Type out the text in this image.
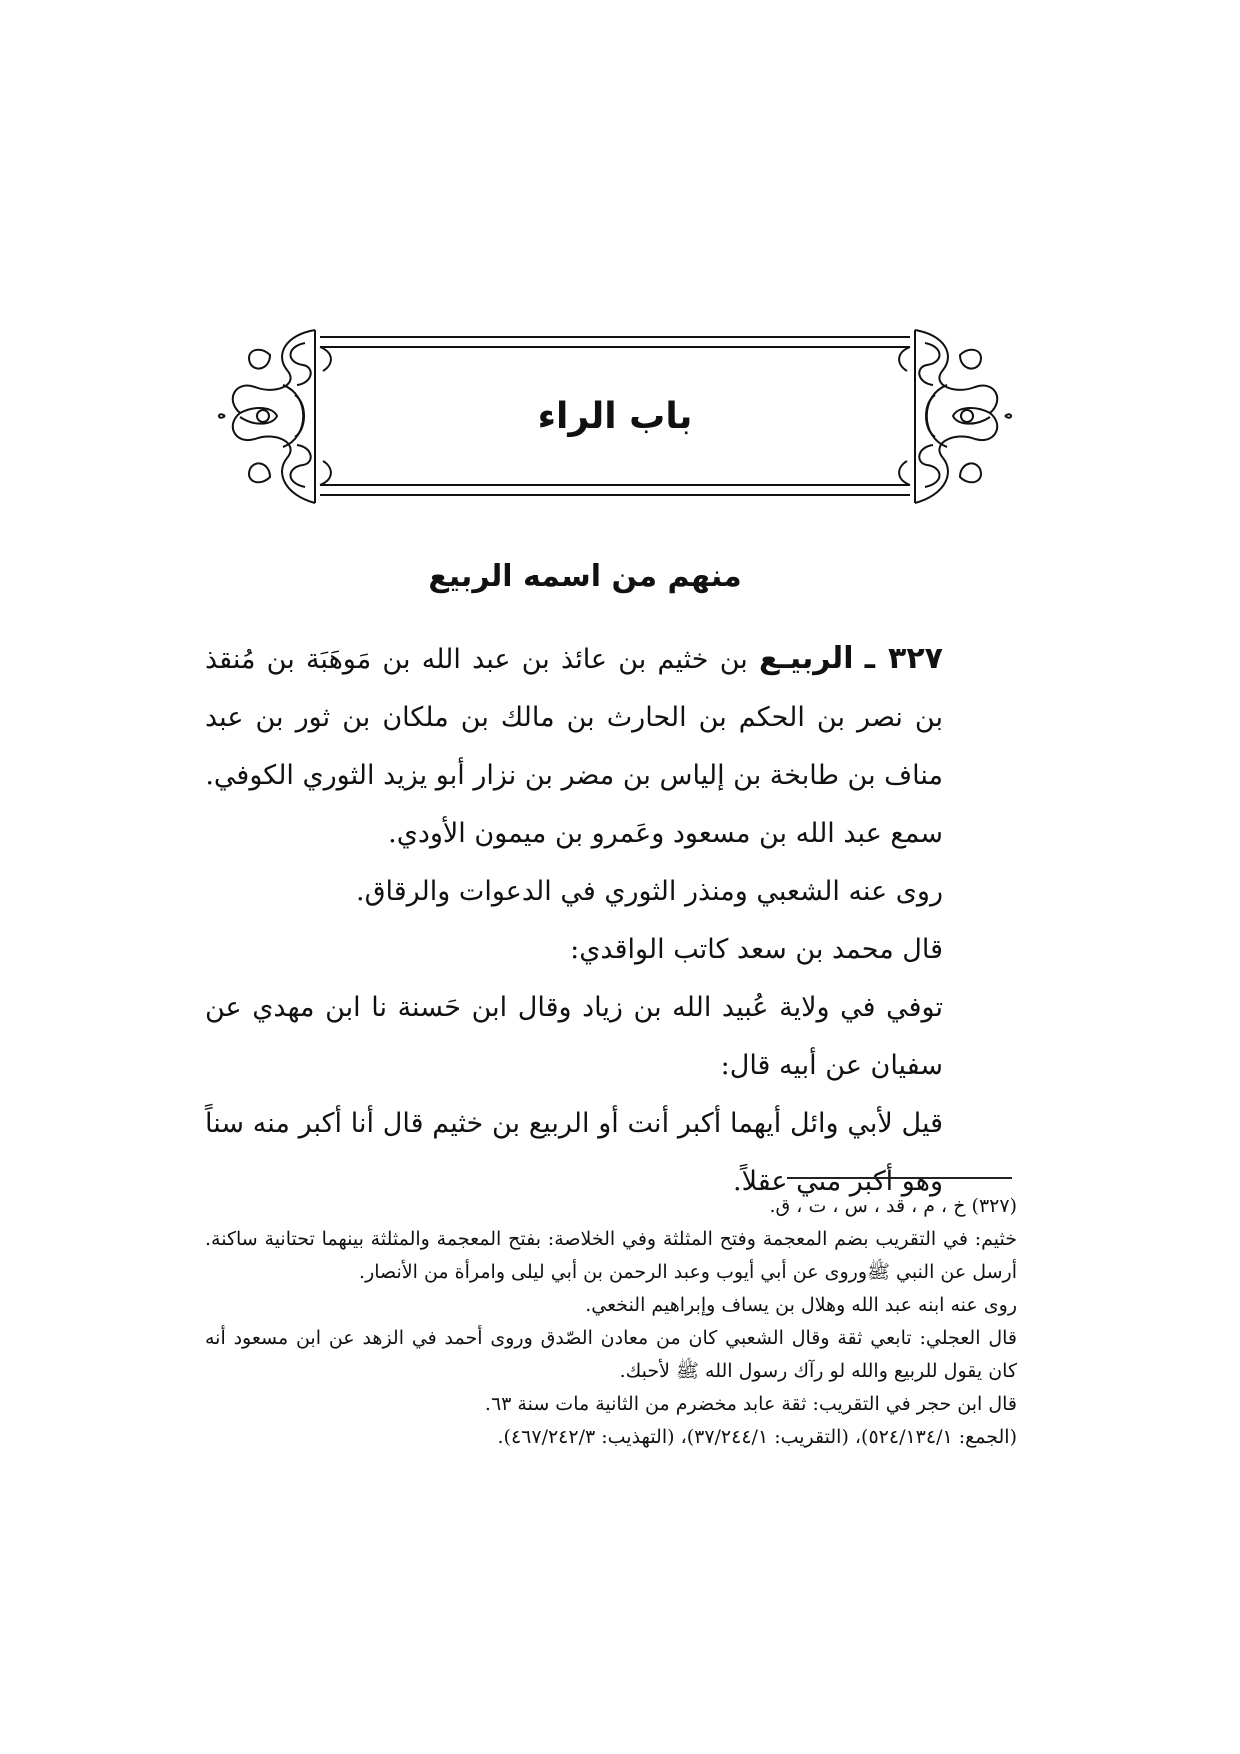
باب الراء
منهم من اسمه الربيع

٣٢٧ ـ الربيـع بن خثيم بن عائذ بن عبد الله بن مَوهَبَة بن مُنقذ بن نصر بن الحكم بن الحارث بن مالك بن ملكان بن ثور بن عبد مناف بن طابخة بن إلياس بن مضر بن نزار أبو يزيد الثوري الكوفي.

سمع عبد الله بن مسعود وعَمرو بن ميمون الأودي.

روى عنه الشعبي ومنذر الثوري في الدعوات والرقاق.

قال محمد بن سعد كاتب الواقدي:

توفي في ولاية عُبيد الله بن زياد وقال ابن حَسنة نا ابن مهدي عن سفيان عن أبيه قال:

قيل لأبي وائل أيهما أكبر أنت أو الربيع بن خثيم قال أنا أكبر منه سناً وهو أكبر مني عقلاً.

(٣٢٧) خ ، م ، قد ، س ، ت ، ق.

خثيم: في التقريب بضم المعجمة وفتح المثلثة وفي الخلاصة: بفتح المعجمة والمثلثة بينهما تحتانية ساكنة. أرسل عن النبي ﷺوروى عن أبي أيوب وعبد الرحمن بن أبي ليلى وامرأة من الأنصار.

روى عنه ابنه عبد الله وهلال بن يساف وإبراهيم النخعي.

قال العجلي: تابعي ثقة وقال الشعبي كان من معادن الصّدق وروى أحمد في الزهد عن ابن مسعود أنه كان يقول للربيع والله لو رآك رسول الله ﷺ لأحبك.

قال ابن حجر في التقريب: ثقة عابد مخضرم من الثانية مات سنة ٦٣.

(الجمع: ٥٢٤/١٣٤/١)، (التقريب: ٣٧/٢٤٤/١)، (التهذيب: ٤٦٧/٢٤٢/٣).
